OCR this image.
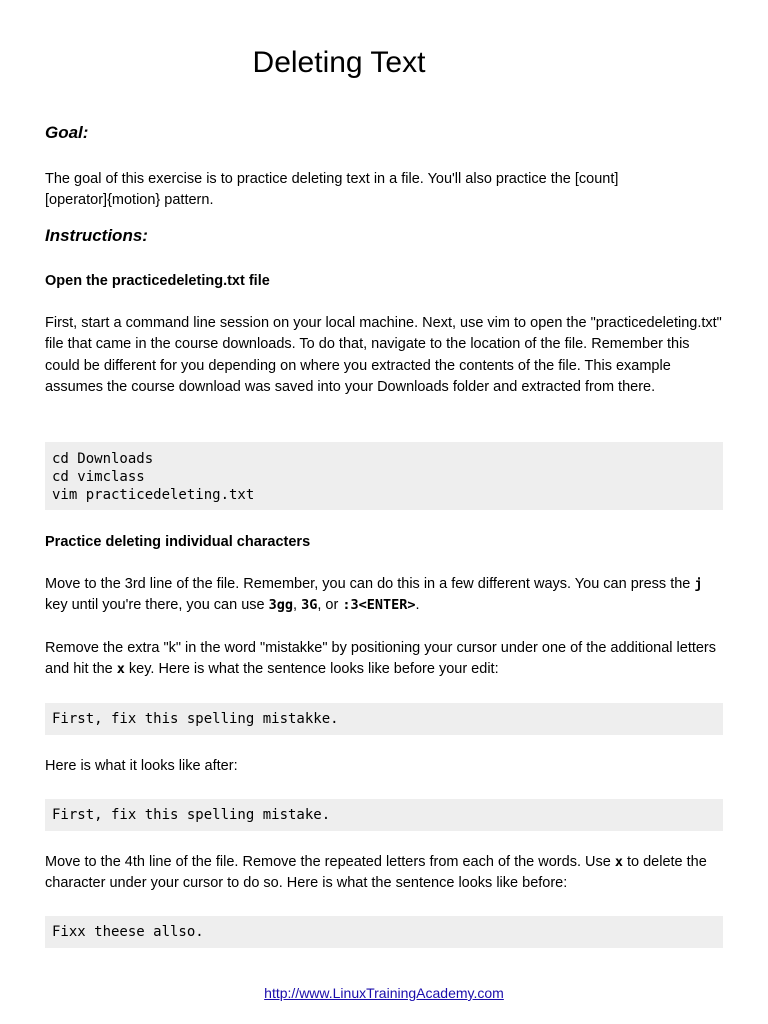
Deleting Text
Goal:
The goal of this exercise is to practice deleting text in a file. You'll also practice the [count][operator]{motion} pattern.
Instructions:
Open the practicedeleting.txt file
First, start a command line session on your local machine. Next, use vim to open the "practicedeleting.txt" file that came in the course downloads. To do that, navigate to the location of the file. Remember this could be different for you depending on where you extracted the contents of the file. This example assumes the course download was saved into your Downloads folder and extracted from there.
cd Downloads
cd vimclass
vim practicedeleting.txt
Practice deleting individual characters
Move to the 3rd line of the file. Remember, you can do this in a few different ways. You can press the j key until you're there, you can use 3gg, 3G, or :3<ENTER>.
Remove the extra "k" in the word "mistakke" by positioning your cursor under one of the additional letters and hit the x key. Here is what the sentence looks like before your edit:
First, fix this spelling mistakke.
Here is what it looks like after:
First, fix this spelling mistake.
Move to the 4th line of the file. Remove the repeated letters from each of the words. Use x to delete the character under your cursor to do so. Here is what the sentence looks like before:
Fixx theese allso.
http://www.LinuxTrainingAcademy.com
